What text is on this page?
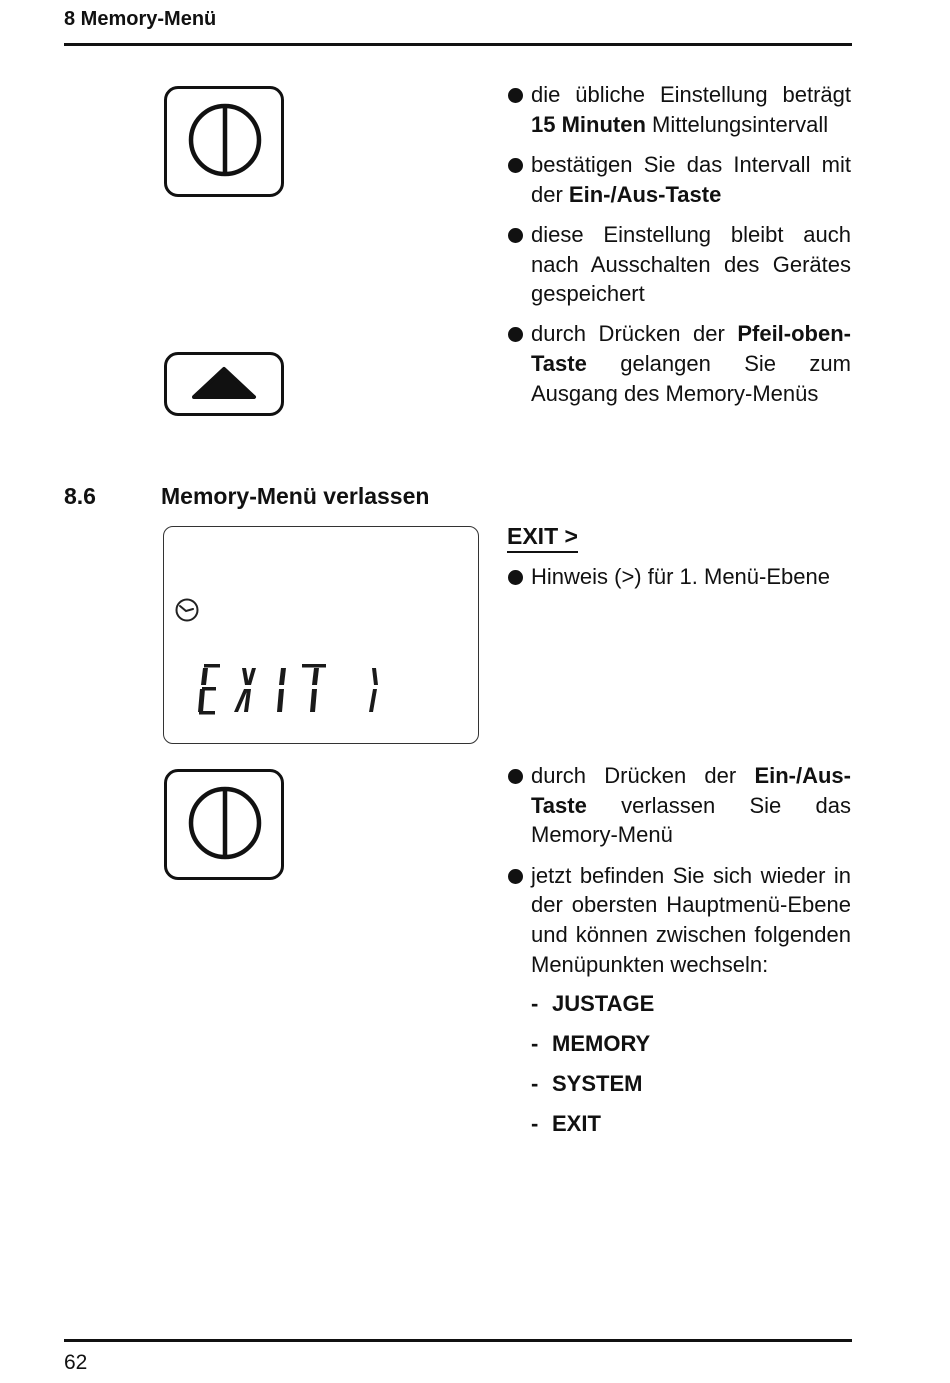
8 Memory-Menü
die übliche Einstellung beträgt 15 Minuten Mittelungsintervall
bestätigen Sie das Intervall mit der Ein-/Aus-Taste
diese Einstellung bleibt auch nach Ausschalten des Gerätes gespeichert
durch Drücken der Pfeil-oben-Taste gelangen Sie zum Ausgang des Memory-Menüs
8.6	Memory-Menü verlassen
EXIT >
Hinweis (>) für 1. Menü-Ebene
durch Drücken der Ein-/Aus-Taste verlassen Sie das Memory-Menü
jetzt befinden Sie sich wieder in der obersten Hauptmenü-Ebene und können zwischen folgenden Menüpunkten wechseln:
- JUSTAGE
- MEMORY
- SYSTEM
- EXIT
62
